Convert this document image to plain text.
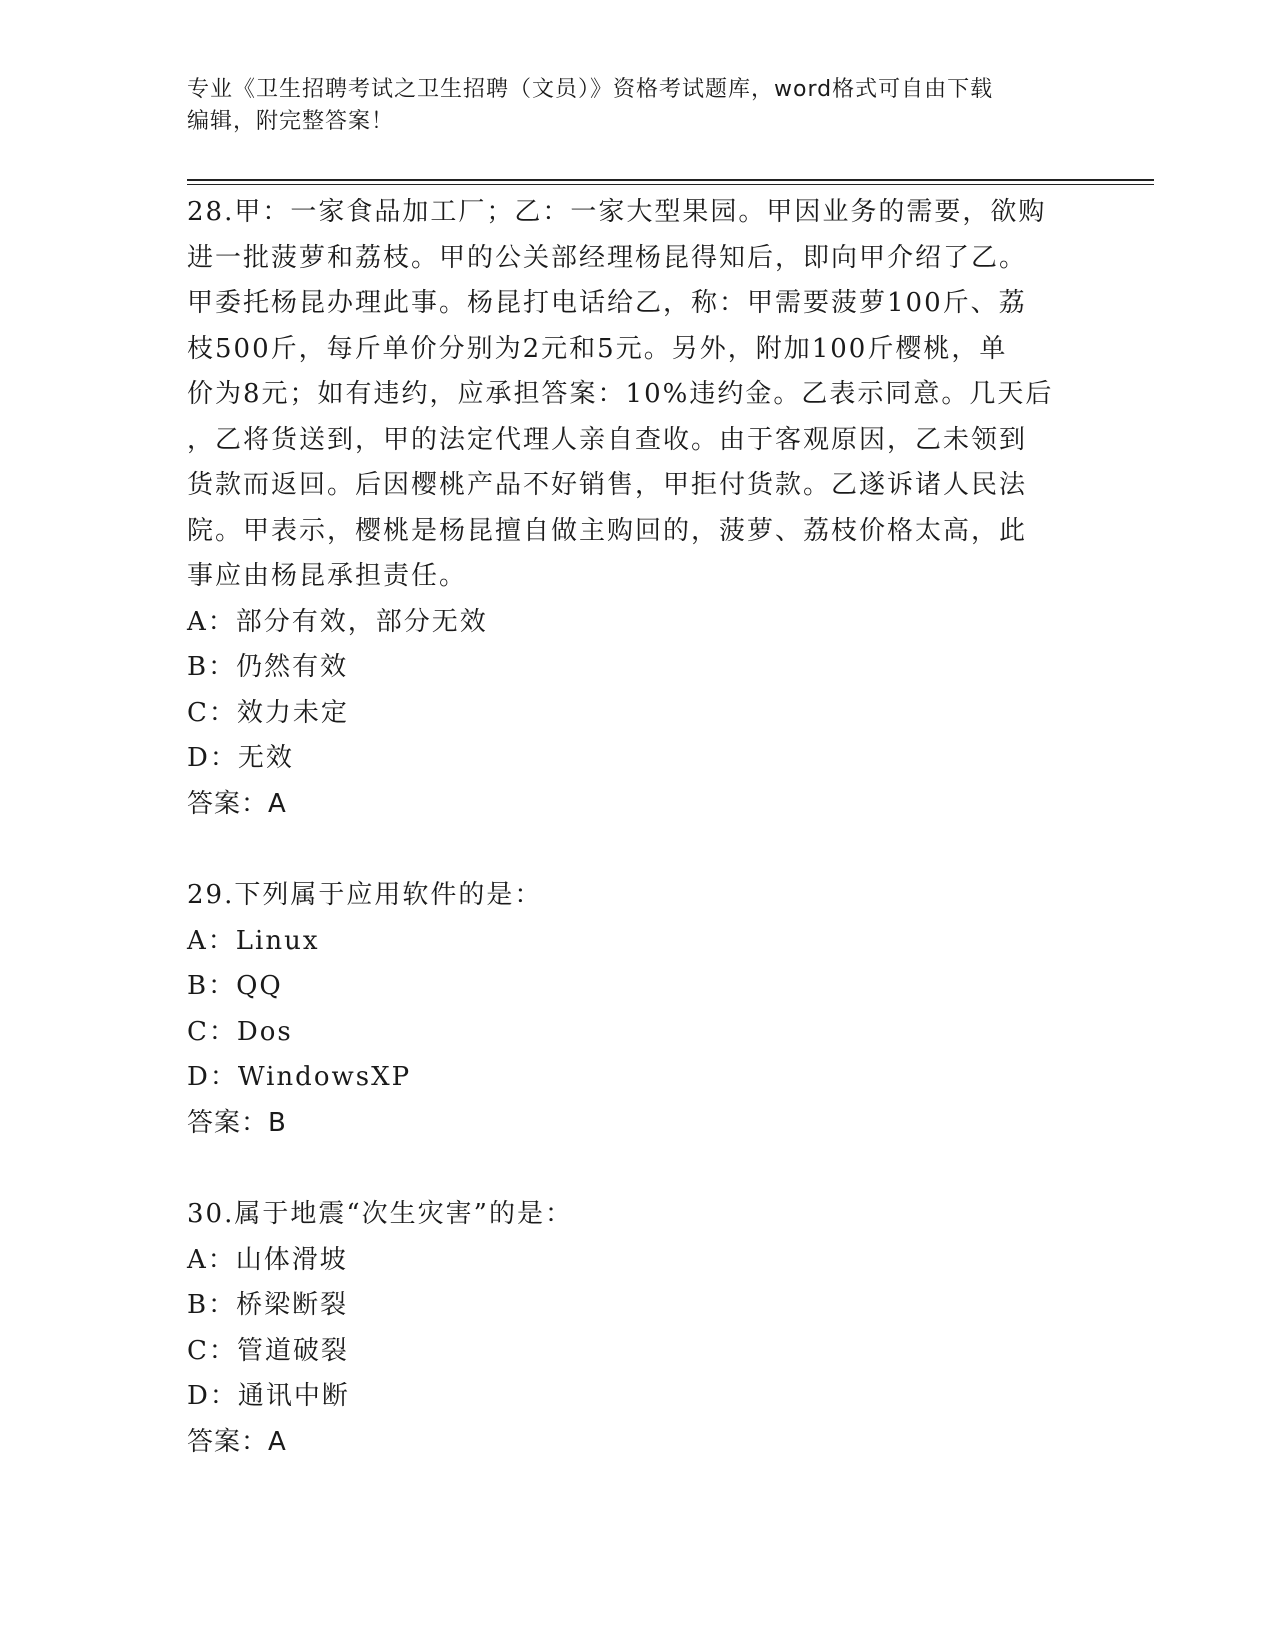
专业《卫生招聘考试之卫生招聘（文员）》资格考试题库，word格式可自由下载
编辑，附完整答案！
28.甲：一家食品加工厂；乙：一家大型果园。甲因业务的需要，欲购
进一批菠萝和荔枝。甲的公关部经理杨昆得知后，即向甲介绍了乙。
甲委托杨昆办理此事。杨昆打电话给乙，称：甲需要菠萝100斤、荔
枝500斤，每斤单价分别为2元和5元。另外，附加100斤樱桃，单
价为8元；如有违约，应承担答案：10%违约金。乙表示同意。几天后
，乙将货送到，甲的法定代理人亲自查收。由于客观原因，乙未领到
货款而返回。后因樱桃产品不好销售，甲拒付货款。乙遂诉诸人民法
院。甲表示，樱桃是杨昆擅自做主购回的，菠萝、荔枝价格太高，此
事应由杨昆承担责任。
A：部分有效，部分无效
B：仍然有效
C：效力未定
D：无效
答案：A
29.下列属于应用软件的是：
A：Linux
B：QQ
C：Dos
D：WindowsXP
答案：B
30.属于地震“次生灾害”的是：
A：山体滑坡
B：桥梁断裂
C：管道破裂
D：通讯中断
答案：A
